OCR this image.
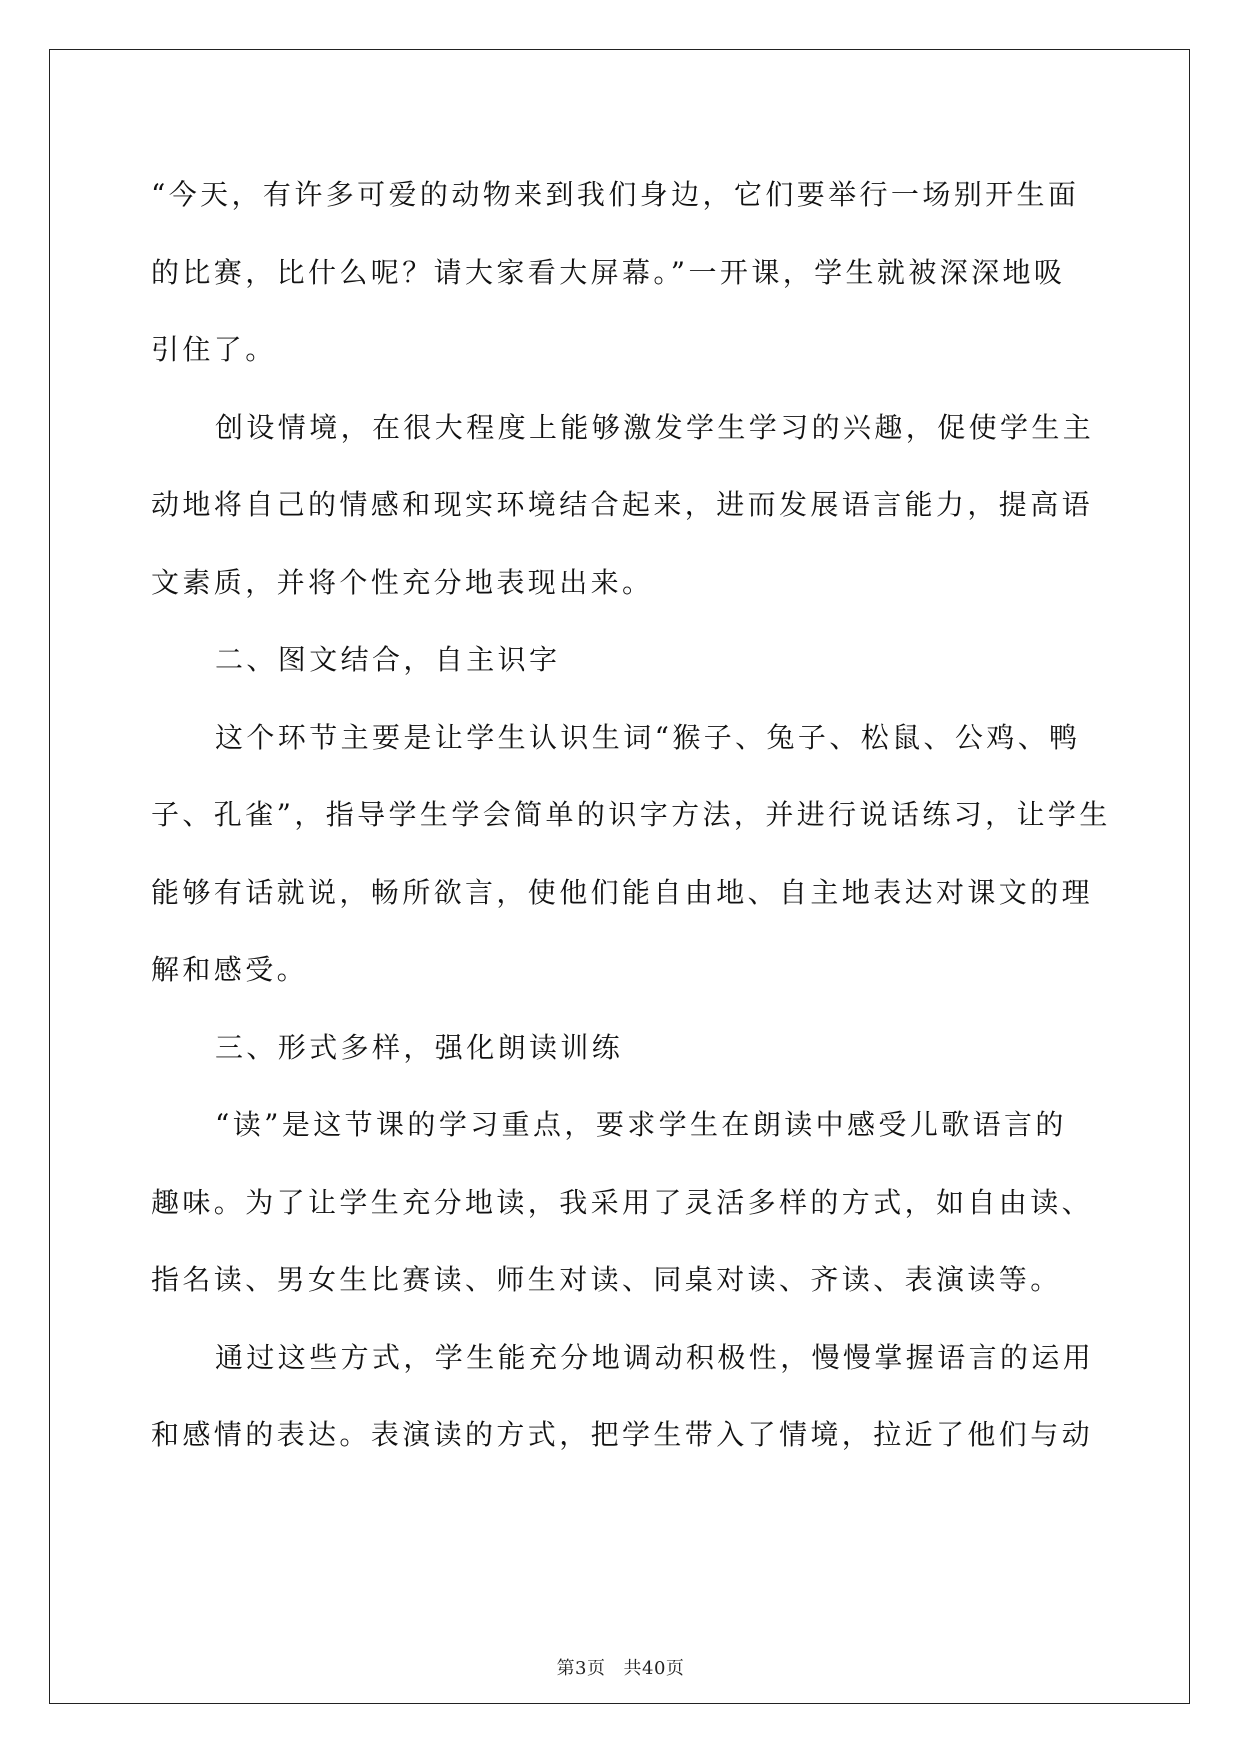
“今天，有许多可爱的动物来到我们身边，它们要举行一场别开生面
的比赛，比什么呢？请大家看大屏幕。”一开课，学生就被深深地吸
引住了。

创设情境，在很大程度上能够激发学生学习的兴趣，促使学生主
动地将自己的情感和现实环境结合起来，进而发展语言能力，提高语
文素质，并将个性充分地表现出来。

二、图文结合，自主识字

这个环节主要是让学生认识生词“猴子、兔子、松鼠、公鸡、鸭
子、孔雀”，指导学生学会简单的识字方法，并进行说话练习，让学生
能够有话就说，畅所欲言，使他们能自由地、自主地表达对课文的理
解和感受。

三、形式多样，强化朗读训练

“读”是这节课的学习重点，要求学生在朗读中感受儿歌语言的
趣味。为了让学生充分地读，我采用了灵活多样的方式，如自由读、
指名读、男女生比赛读、师生对读、同桌对读、齐读、表演读等。

通过这些方式，学生能充分地调动积极性，慢慢掌握语言的运用
和感情的表达。表演读的方式，把学生带入了情境，拉近了他们与动

第3页 共40页
